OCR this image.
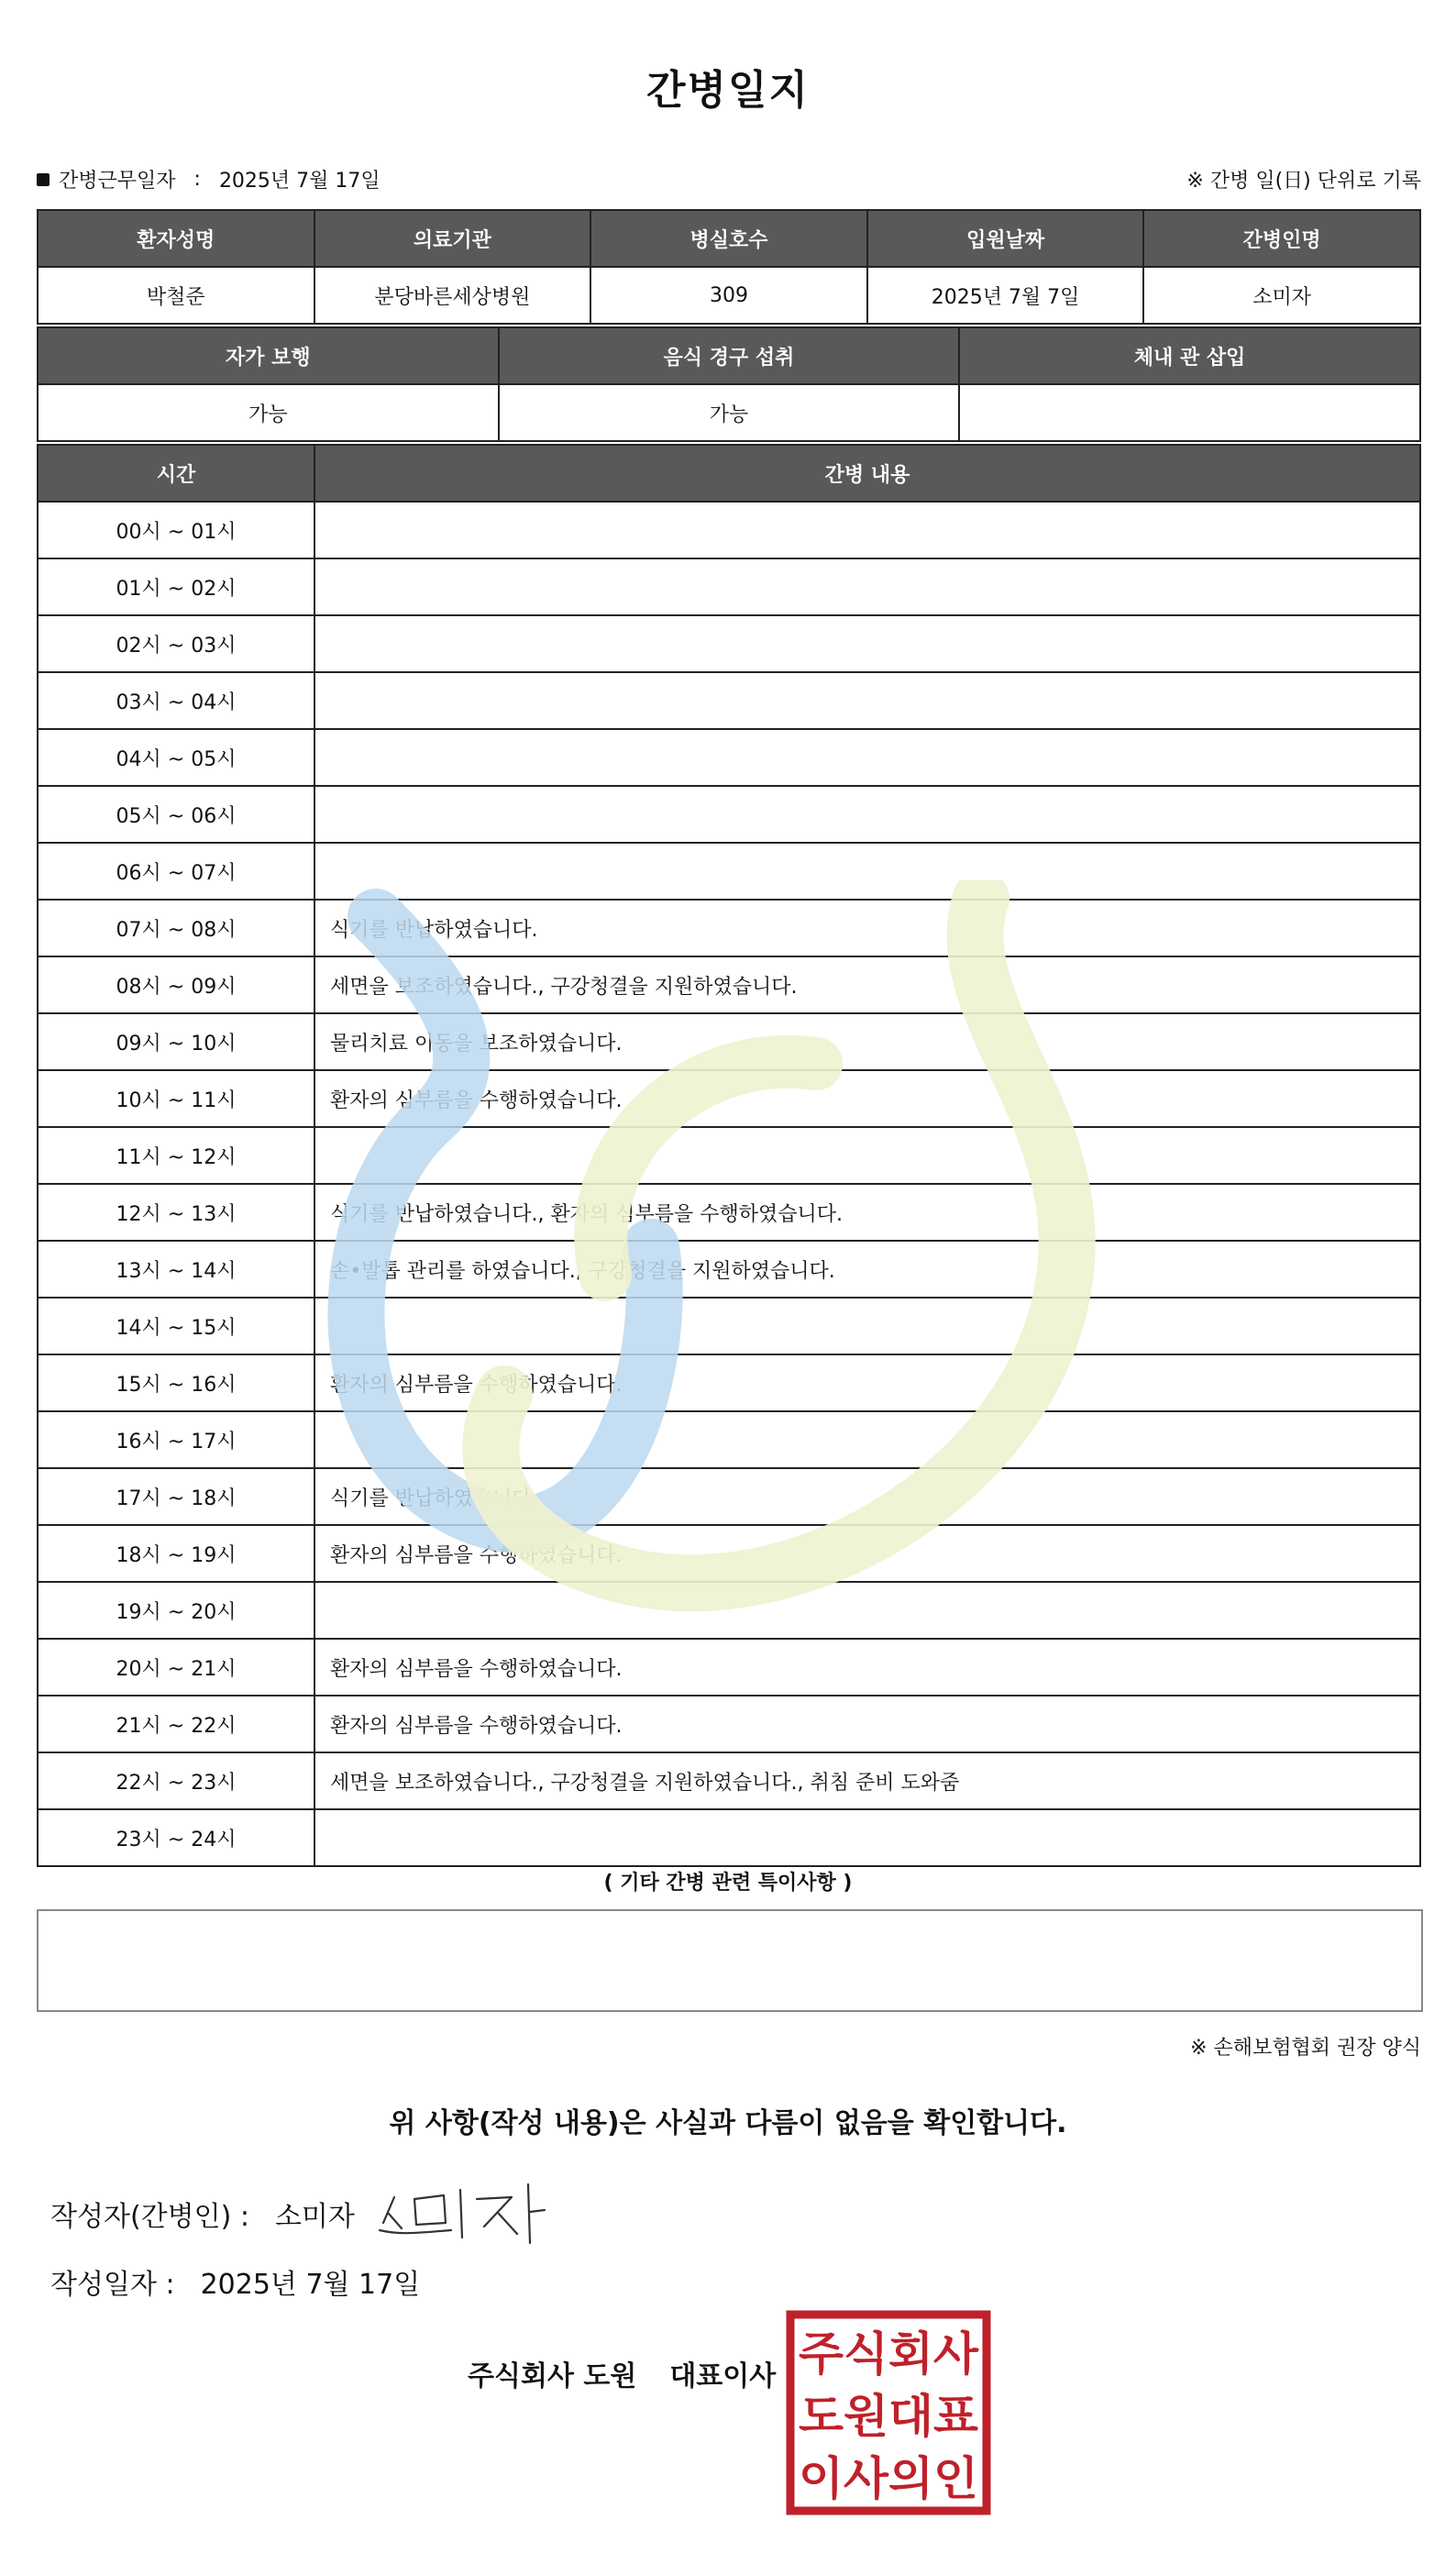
간병일지
간병근무일자 : 2025년 7월 17일	※ 간병 일(日) 단위로 기록
환자성명	의료기관	병실호수	입원날짜	간병인명
박철준	분당바른세상병원	309	2025년 7월 7일	소미자
자가 보행	음식 경구 섭취	체내 관 삽입
가능	가능	
시간	간병 내용
00시 ~ 01시	
01시 ~ 02시	
02시 ~ 03시	
03시 ~ 04시	
04시 ~ 05시	
05시 ~ 06시	
06시 ~ 07시	
07시 ~ 08시	식기를 반납하였습니다.
08시 ~ 09시	세면을 보조하였습니다., 구강청결을 지원하였습니다.
09시 ~ 10시	물리치료 이동을 보조하였습니다.
10시 ~ 11시	환자의 심부름을 수행하였습니다.
11시 ~ 12시	
12시 ~ 13시	식기를 반납하였습니다., 환자의 심부름을 수행하였습니다.
13시 ~ 14시	손•발톱 관리를 하였습니다., 구강청결을 지원하였습니다.
14시 ~ 15시	
15시 ~ 16시	환자의 심부름을 수행하였습니다.
16시 ~ 17시	
17시 ~ 18시	식기를 반납하였습니다.
18시 ~ 19시	환자의 심부름을 수행하였습니다.
19시 ~ 20시	
20시 ~ 21시	환자의 심부름을 수행하였습니다.
21시 ~ 22시	환자의 심부름을 수행하였습니다.
22시 ~ 23시	세면을 보조하였습니다., 구강청결을 지원하였습니다., 취침 준비 도와줌
23시 ~ 24시	
( 기타 간병 관련 특이사항 )
※ 손해보험협회 권장 양식
위 사항(작성 내용)은 사실과 다름이 없음을 확인합니다.
작성자(간병인) : 소미자
작성일자 : 2025년 7월 17일
주식회사 도원 대표이사 주식회사
도원대표
이사의인
